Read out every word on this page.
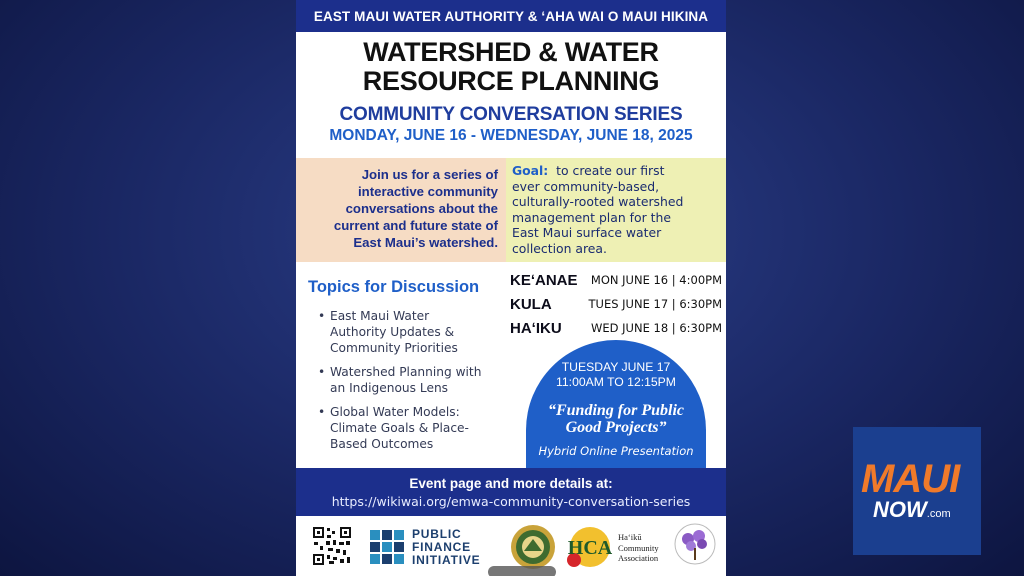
EAST MAUI WATER AUTHORITY & ʻAHA WAI O MAUI HIKINA
WATERSHED & WATER
RESOURCE PLANNING
COMMUNITY CONVERSATION SERIES
MONDAY, JUNE 16 - WEDNESDAY, JUNE 18, 2025
Join us for a series of
interactive community
conversations about the
current and future state of
East Maui’s watershed.
Goal: to create our first
ever community-based,
culturally-rooted watershed
management plan for the
East Maui surface water
collection area.
Topics for Discussion
• East Maui Water
Authority Updates &
Community Priorities
• Watershed Planning with
an Indigenous Lens
• Global Water Models:
Climate Goals & Place-
Based Outcomes
KEʻANAE	MON JUNE 16 | 4:00PM
KULA	TUES JUNE 17 | 6:30PM
HAʻIKU	WED JUNE 18 | 6:30PM
TUESDAY JUNE 17
11:00AM TO 12:15PM
“Funding for Public
Good Projects”
Hybrid Online Presentation
Event page and more details at:
https://wikiwai.org/emwa-community-conversation-series
PUBLIC
FINANCE
INITIATIVE
HCA Haʻikū
Community
Association
MAUI
NOW.com
